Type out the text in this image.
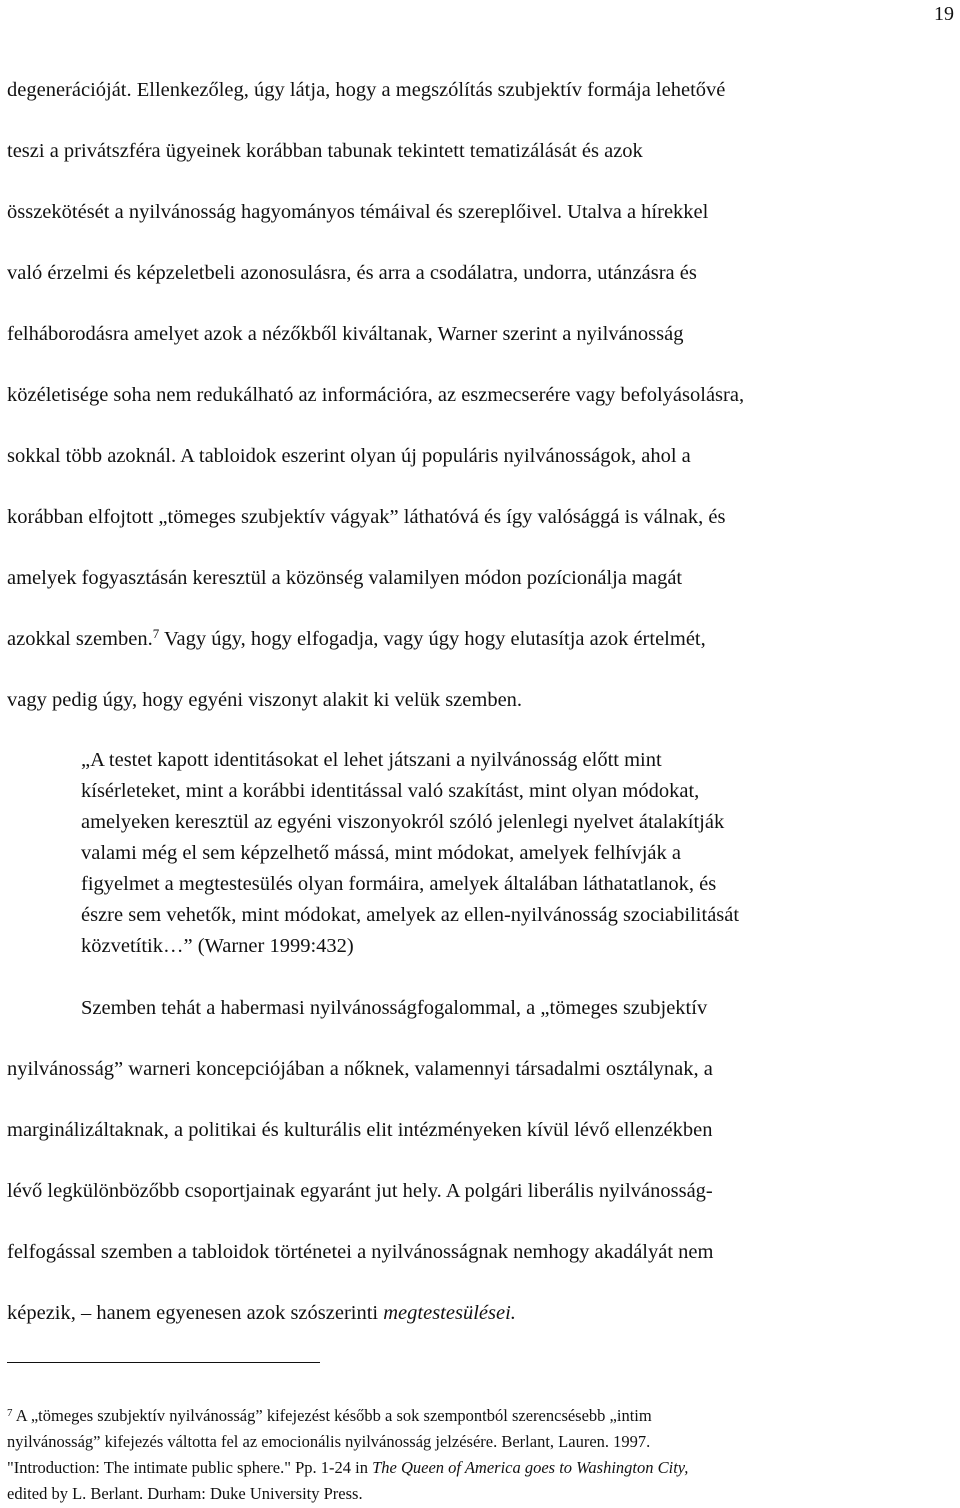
19

degenerációját. Ellenkezőleg, úgy látja, hogy a megszólítás szubjektív formája lehetővé
teszi a privátszféra ügyeinek korábban tabunak tekintett tematizálását és azok
összekötését a nyilvánosság hagyományos témáival és szereplőivel. Utalva a hírekkel
való érzelmi és képzeletbeli azonosulásra, és arra a csodálatra, undorra, utánzásra és
felháborodásra amelyet azok a nézőkből kiváltanak, Warner szerint a nyilvánosság
közéletisége soha nem redukálható az információra, az eszmecserére vagy befolyásolásra,
sokkal több azoknál. A tabloidok eszerint olyan új populáris nyilvánosságok, ahol a
korábban elfojtott „tömeges szubjektív vágyak” láthatóvá és így valósággá is válnak, és
amelyek fogyasztásán keresztül a közönség valamilyen módon pozícionálja magát
azokkal szemben.$^7$ Vagy úgy, hogy elfogadja, vagy úgy hogy elutasítja azok értelmét,
vagy pedig úgy, hogy egyéni viszonyt alakit ki velük szemben.

„A testet kapott identitásokat el lehet játszani a nyilvánosság előtt mint
kísérleteket, mint a korábbi identitással való szakítást, mint olyan módokat,
amelyeken keresztül az egyéni viszonyokról szóló jelenlegi nyelvet átalakítják
valami még el sem képzelhető mássá, mint módokat, amelyek felhívják a
figyelmet a megtestesülés olyan formáira, amelyek általában láthatatlanok, és
észre sem vehetők, mint módokat, amelyek az ellen-nyilvánosság szociabilitását
közvetítik…” (Warner 1999:432)

Szemben tehát a habermasi nyilvánosságfogalommal, a „tömeges szubjektív
nyilvánosság” warneri koncepciójában a nőknek, valamennyi társadalmi osztálynak, a
marginálizáltaknak, a politikai és kulturális elit intézményeken kívül lévő ellenzékben
lévő legkülönbözőbb csoportjainak egyaránt jut hely. A polgári liberális nyilvánosság-
felfogással szemben a tabloidok történetei a nyilvánosságnak nemhogy akadályát nem
képezik, – hanem egyenesen azok szószerinti megtestesülései.

$^7$ A „tömeges szubjektív nyilvánosság” kifejezést később a sok szempontból szerencsésebb „intim
nyilvánosság” kifejezés váltotta fel az emocionális nyilvánosság jelzésére. Berlant, Lauren. 1997.
"Introduction: The intimate public sphere." Pp. 1-24 in The Queen of America goes to Washington City,
edited by L. Berlant. Durham: Duke University Press.
